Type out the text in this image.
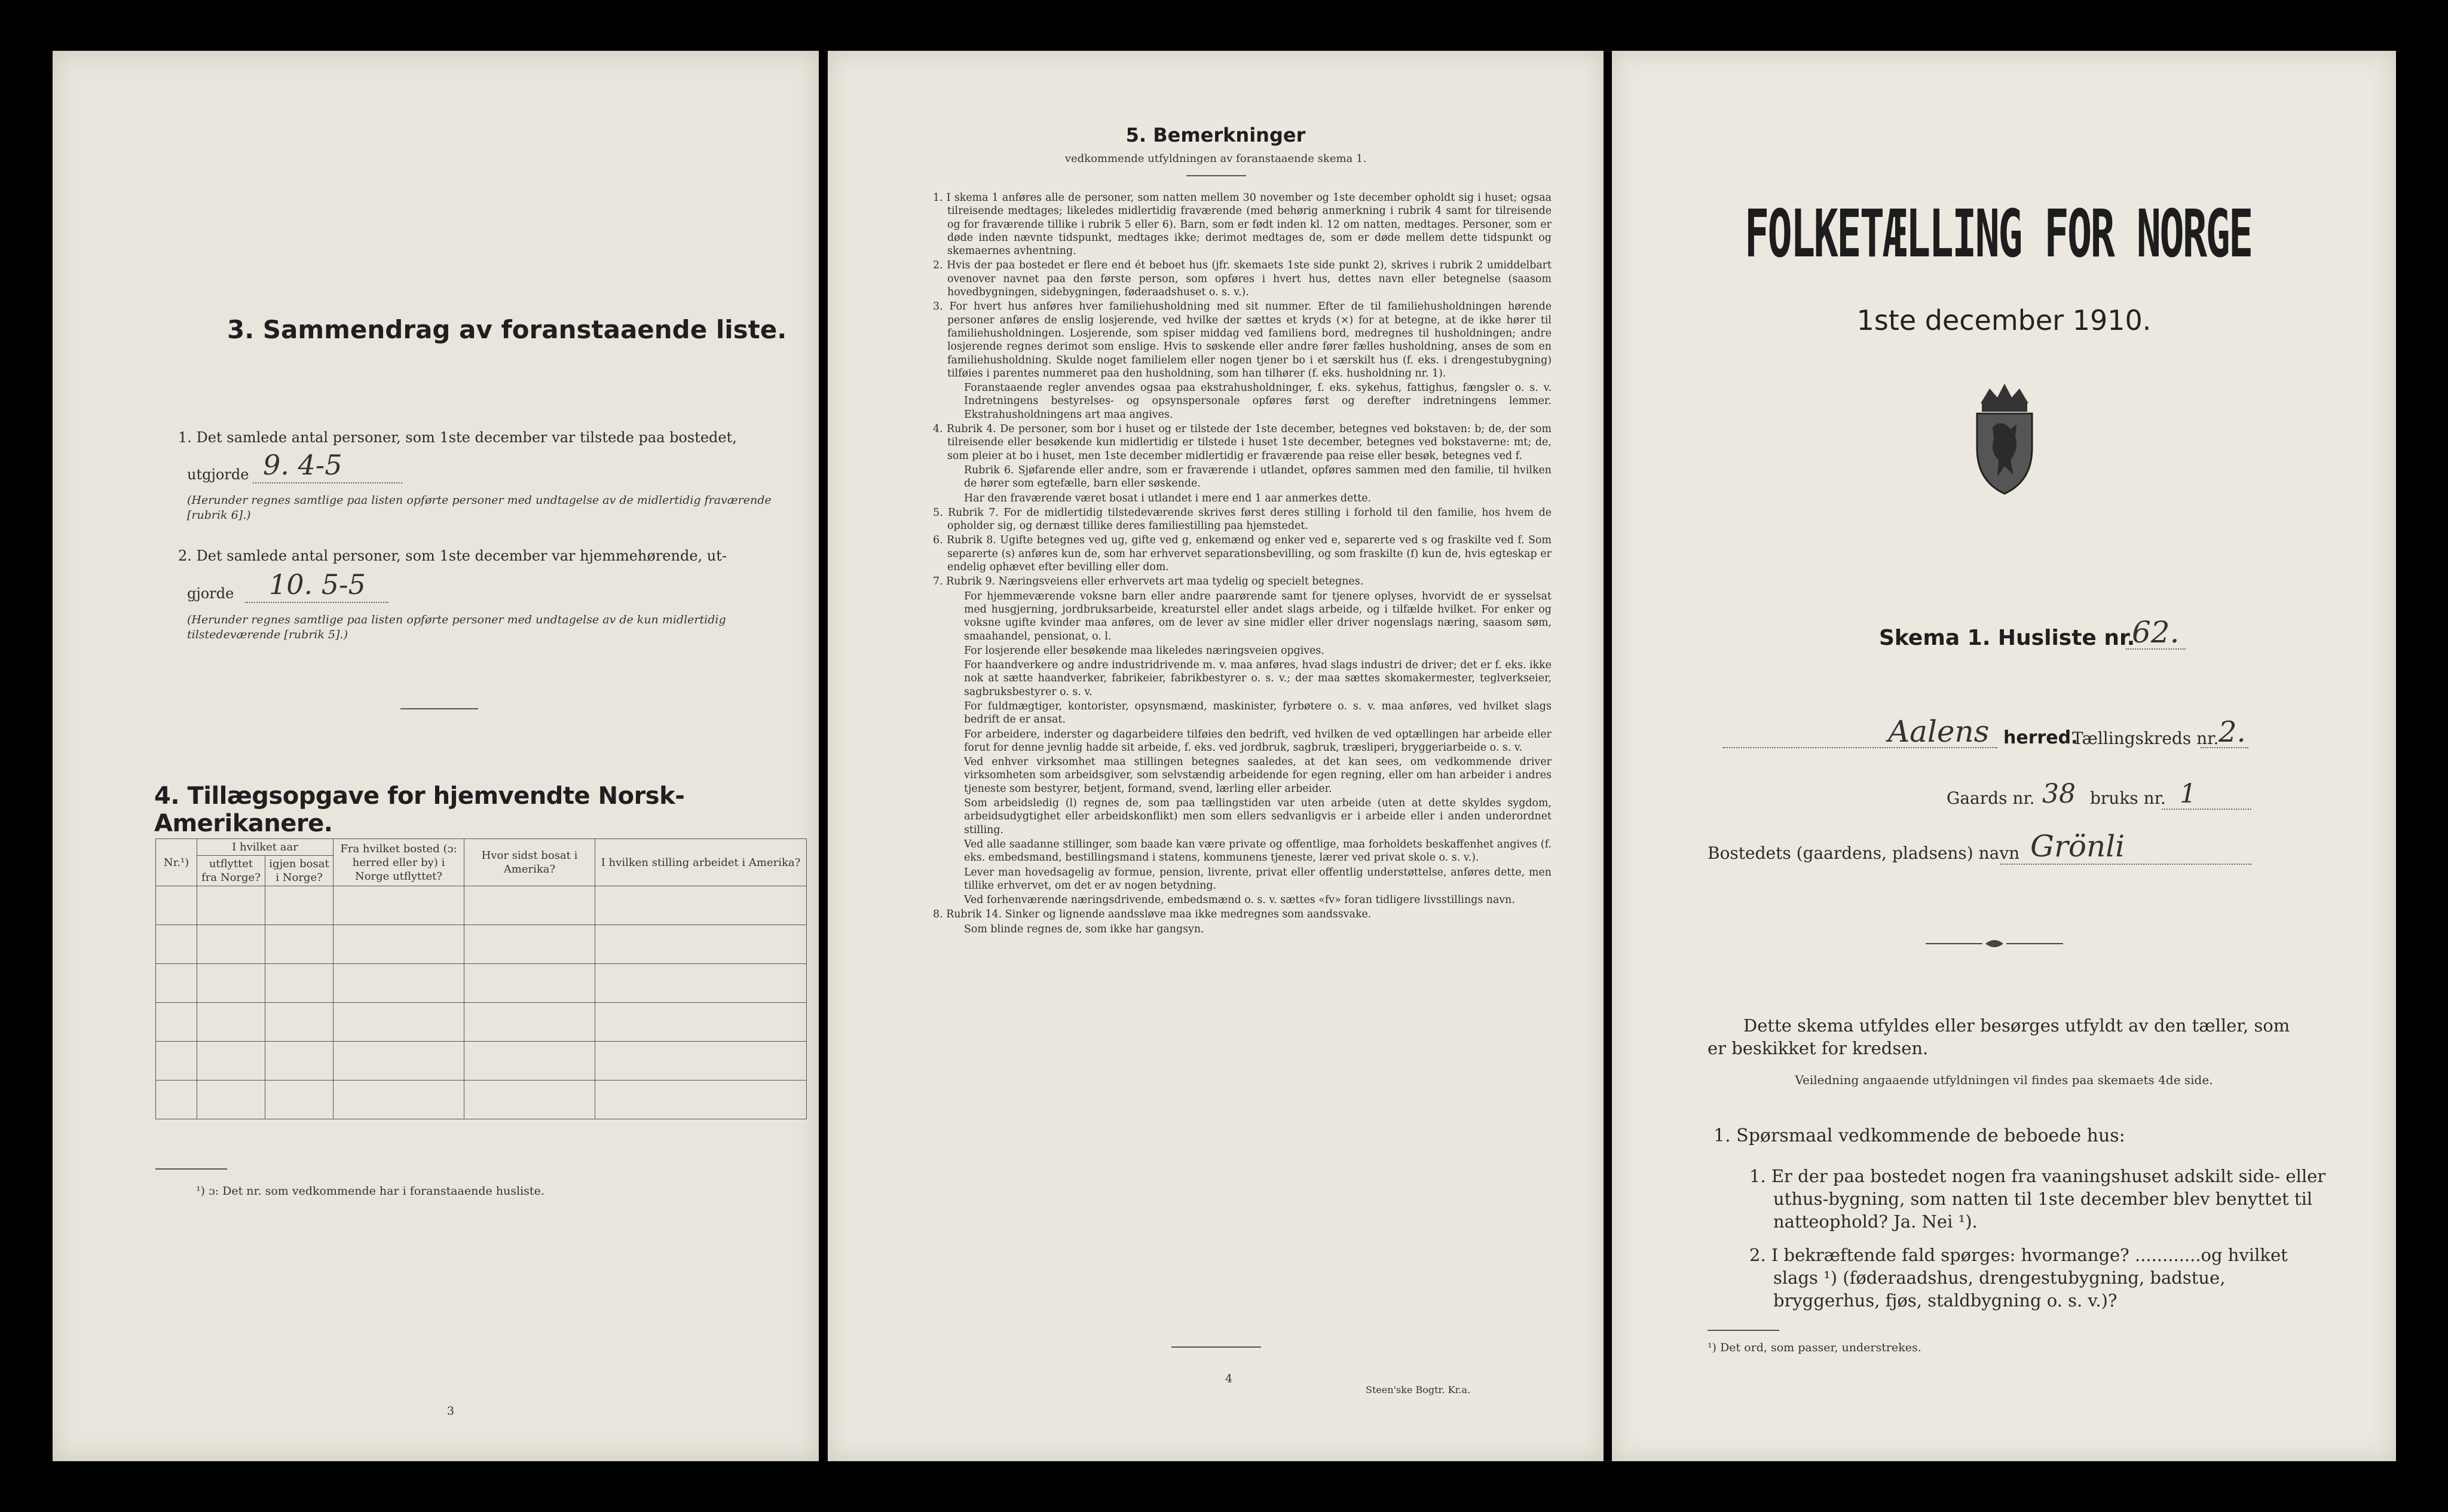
3. Sammendrag av foranstaaende liste.
1. Det samlede antal personer, som 1ste december var tilstede paa bostedet,
utgjorde 9. 4-5
(Herunder regnes samtlige paa listen opførte personer med undtagelse av de midlertidig fraværende [rubrik 6].)
2. Det samlede antal personer, som 1ste december var hjemmehørende, ut-
gjorde 10. 5-5
(Herunder regnes samtlige paa listen opførte personer med undtagelse av de kun midlertidig tilstedeværende [rubrik 5].)
4. Tillægsopgave for hjemvendte Norsk-Amerikanere.
Nr.¹)	I hvilket aar		Fra hvilket bosted (ɔ: herred eller by) i Norge utflyttet?	Hvor sidst bosat i Amerika?	I hvilken stilling arbeidet i Amerika?
	utflyttet fra Norge?	igjen bosat i Norge?			

¹) ɔ: Det nr. som vedkommende har i foranstaaende husliste.
3
5. Bemerkninger
vedkommende utfyldningen av foranstaaende skema 1.

1. I skema 1 anføres alle de personer, som natten mellem 30 november og 1ste december opholdt sig i huset; ogsaa tilreisende medtages; likeledes midlertidig fraværende (med behørig anmerkning i rubrik 4 samt for tilreisende og for fraværende tillike i rubrik 5 eller 6). Barn, som er født inden kl. 12 om natten, medtages. Personer, som er døde inden nævnte tidspunkt, medtages ikke; derimot medtages de, som er døde mellem dette tidspunkt og skemaernes avhentning.

2. Hvis der paa bostedet er flere end ét beboet hus (jfr. skemaets 1ste side punkt 2), skrives i rubrik 2 umiddelbart ovenover navnet paa den første person, som opføres i hvert hus, dettes navn eller betegnelse (saasom hovedbygningen, sidebygningen, føderaadshuset o. s. v.).

3. For hvert hus anføres hver familiehusholdning med sit nummer. Efter de til familiehusholdningen hørende personer anføres de enslig losjerende, ved hvilke der sættes et kryds (×) for at betegne, at de ikke hører til familiehusholdningen. Losjerende, som spiser middag ved familiens bord, medregnes til husholdningen; andre losjerende regnes derimot som enslige. Hvis to søskende eller andre fører fælles husholdning, anses de som en familiehusholdning. Skulde noget familielem eller nogen tjener bo i et særskilt hus (f. eks. i drengestubygning) tilføies i parentes nummeret paa den husholdning, som han tilhører (f. eks. husholdning nr. 1).

Foranstaaende regler anvendes ogsaa paa ekstrahusholdninger, f. eks. sykehus, fattighus, fængsler o. s. v. Indretningens bestyrelses- og opsynspersonale opføres først og derefter indretningens lemmer. Ekstrahusholdningens art maa angives.

4. Rubrik 4. De personer, som bor i huset og er tilstede der 1ste december, betegnes ved bokstaven: b; de, der som tilreisende eller besøkende kun midlertidig er tilstede i huset 1ste december, betegnes ved bokstaverne: mt; de, som pleier at bo i huset, men 1ste december midlertidig er fraværende paa reise eller besøk, betegnes ved f.

Rubrik 6. Sjøfarende eller andre, som er fraværende i utlandet, opføres sammen med den familie, til hvilken de hører som egtefælle, barn eller søskende.

Har den fraværende været bosat i utlandet i mere end 1 aar anmerkes dette.

5. Rubrik 7. For de midlertidig tilstedeværende skrives først deres stilling i forhold til den familie, hos hvem de opholder sig, og dernæst tillike deres familiestilling paa hjemstedet.

6. Rubrik 8. Ugifte betegnes ved ug, gifte ved g, enkemænd og enker ved e, separerte ved s og fraskilte ved f. Som separerte (s) anføres kun de, som har erhvervet separationsbevilling, og som fraskilte (f) kun de, hvis egteskap er endelig ophævet efter bevilling eller dom.

7. Rubrik 9. Næringsveiens eller erhvervets art maa tydelig og specielt betegnes.

For hjemmeværende voksne barn eller andre paarørende samt for tjenere oplyses, hvorvidt de er sysselsat med husgjerning, jordbruksarbeide, kreaturstel eller andet slags arbeide, og i tilfælde hvilket. For enker og voksne ugifte kvinder maa anføres, om de lever av sine midler eller driver nogenslags næring, saasom søm, smaahandel, pensionat, o. l.

For losjerende eller besøkende maa likeledes næringsveien opgives.

For haandverkere og andre industridrivende m. v. maa anføres, hvad slags industri de driver; det er f. eks. ikke nok at sætte haandverker, fabrikeier, fabrikbestyrer o. s. v.; der maa sættes skomakermester, teglverkseier, sagbruksbestyrer o. s. v.

For fuldmægtiger, kontorister, opsynsmænd, maskinister, fyrbøtere o. s. v. maa anføres, ved hvilket slags bedrift de er ansat.

For arbeidere, inderster og dagarbeidere tilføies den bedrift, ved hvilken de ved optællingen har arbeide eller forut for denne jevnlig hadde sit arbeide, f. eks. ved jordbruk, sagbruk, træsliperi, bryggeriarbeide o. s. v.

Ved enhver virksomhet maa stillingen betegnes saaledes, at det kan sees, om vedkommende driver virksomheten som arbeidsgiver, som selvstændig arbeidende for egen regning, eller om han arbeider i andres tjeneste som bestyrer, betjent, formand, svend, lærling eller arbeider.

Som arbeidsledig (l) regnes de, som paa tællingstiden var uten arbeide (uten at dette skyldes sygdom, arbeidsudygtighet eller arbeidskonflikt) men som ellers sedvanligvis er i arbeide eller i anden underordnet stilling.

Ved alle saadanne stillinger, som baade kan være private og offentlige, maa forholdets beskaffenhet angives (f. eks. embedsmand, bestillingsmand i statens, kommunens tjeneste, lærer ved privat skole o. s. v.).

Lever man hovedsagelig av formue, pension, livrente, privat eller offentlig understøttelse, anføres dette, men tillike erhvervet, om det er av nogen betydning.

Ved forhenværende næringsdrivende, embedsmænd o. s. v. sættes «fv» foran tidligere livsstillings navn.

8. Rubrik 14. Sinker og lignende aandssløve maa ikke medregnes som aandssvake.

Som blinde regnes de, som ikke har gangsyn.

4
Steen'ske Bogtr. Kr.a.
FOLKETÆLLING FOR NORGE
1ste december 1910.
Skema 1. Husliste nr.
62.
Aalens herred.
Tællingskreds nr. 2.
Gaards nr. 38 bruks nr. 1
Bostedets (gaardens, pladsens) navn Grönli
Dette skema utfyldes eller besørges utfyldt av den tæller, som er beskikket for kredsen.
Veiledning angaaende utfyldningen vil findes paa skemaets 4de side.
1. Spørsmaal vedkommende de beboede hus:
1. Er der paa bostedet nogen fra vaaningshuset adskilt side- eller uthus-bygning, som natten til 1ste december blev benyttet til natteophold? Ja. Nei ¹).
2. I bekræftende fald spørges: hvormange? ............og hvilket slags ¹) (føderaadshus, drengestubygning, badstue, bryggerhus, fjøs, staldbygning o. s. v.)?
¹) Det ord, som passer, understrekes.
